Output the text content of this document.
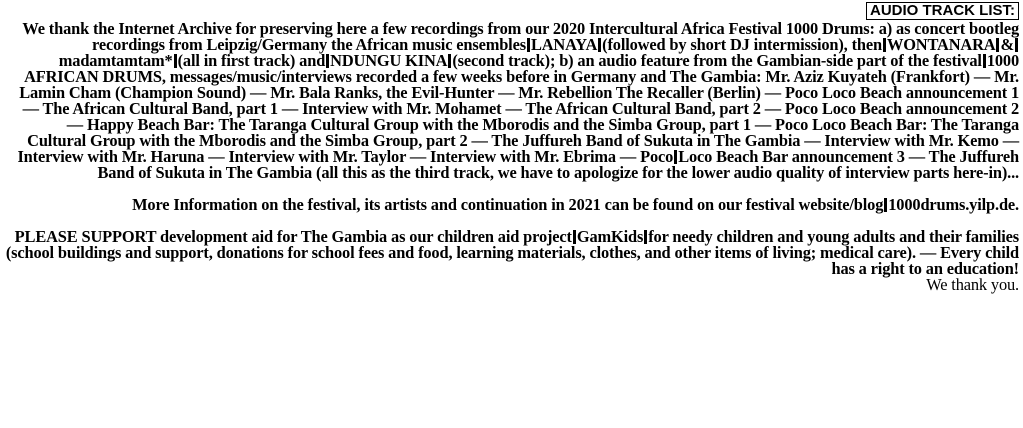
AUDIO TRACK LIST:

We thank the Internet Archive for preserving here a few recordings from our 2020 Intercultural Africa Festival 1000 Drums: a) as concert bootleg recordings from Leipzig/Germany the African music ensembles LANAYA (followed by short DJ intermission), then WONTANARA &madamtamtam* (all in first track) and NDUNGU KINA (second track); b) an audio feature from the Gambian-side part of the festival 1000 AFRICAN DRUMS, messages/music/interviews recorded a few weeks before in Germany and The Gambia: Mr. Aziz Kuyateh (Frankfort) — Mr. Lamin Cham (Champion Sound) — Mr. Bala Ranks, the Evil-Hunter — Mr. Rebellion The Recaller (Berlin) — Poco Loco Beach announcement 1 — The African Cultural Band, part 1 — Interview with Mr. Mohamet — The African Cultural Band, part 2 — Poco Loco Beach announcement 2 — Happy Beach Bar: The Taranga Cultural Group with the Mborodis and the Simba Group, part 1 — Poco Loco Beach Bar: The Taranga Cultural Group with the Mborodis and the Simba Group, part 2 — The Juffureh Band of Sukuta in The Gambia — Interview with Mr. Kemo — Interview with Mr. Haruna — Interview with Mr. Taylor — Interview with Mr. Ebrima — Poco Loco Beach Bar announcement 3 — The Juffureh Band of Sukuta in The Gambia (all this as the third track, we have to apologize for the lower audio quality of interview parts here-in)...

More Information on the festival, its artists and continuation in 2021 can be found on our festival website/blog 1000drums.yilp.de.

PLEASE SUPPORT development aid for The Gambia as our children aid project GamKids for needy children and young adults and their families (school buildings and support, donations for school fees and food, learning materials, clothes, and other items of living; medical care). — Every child has a right to an education!

We thank you.
